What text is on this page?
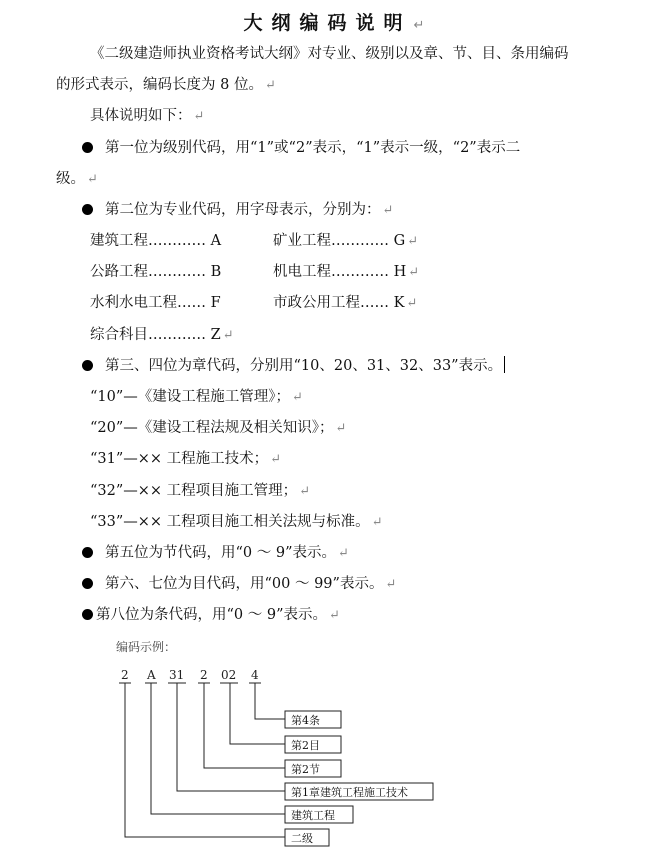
大纲编码说明 ↵
《二级建造师执业资格考试大纲》对专业、级别以及章、节、目、条用编码
的形式表示，编码长度为 8 位。 ↵
具体说明如下： ↵
第一位为级别代码，用“1”或“2”表示，“1”表示一级，“2”表示二
级。 ↵
第二位为专业代码，用字母表示，分别为： ↵
建筑工程………… A	矿业工程………… G ↵
公路工程………… B	机电工程………… H ↵
水利水电工程…… F	市政公用工程…… K ↵
综合科目………… Z ↵
第三、四位为章代码，分别用“10、20、31、32、33”表示。
“10”—《建设工程施工管理》； ↵
“20”—《建设工程法规及相关知识》； ↵
“31”—×× 工程施工技术； ↵
“32”—×× 工程项目施工管理； ↵
“33”—×× 工程项目施工相关法规与标准。 ↵
第五位为节代码，用“0 ～ 9”表示。 ↵
第六、七位为目代码，用“00 ～ 99”表示。 ↵
第八位为条代码，用“0 ～ 9”表示。 ↵
编码示例：
2 A 31 2 02 4
第4条
第2目
第2节
第1章建筑工程施工技术
建筑工程
二级
